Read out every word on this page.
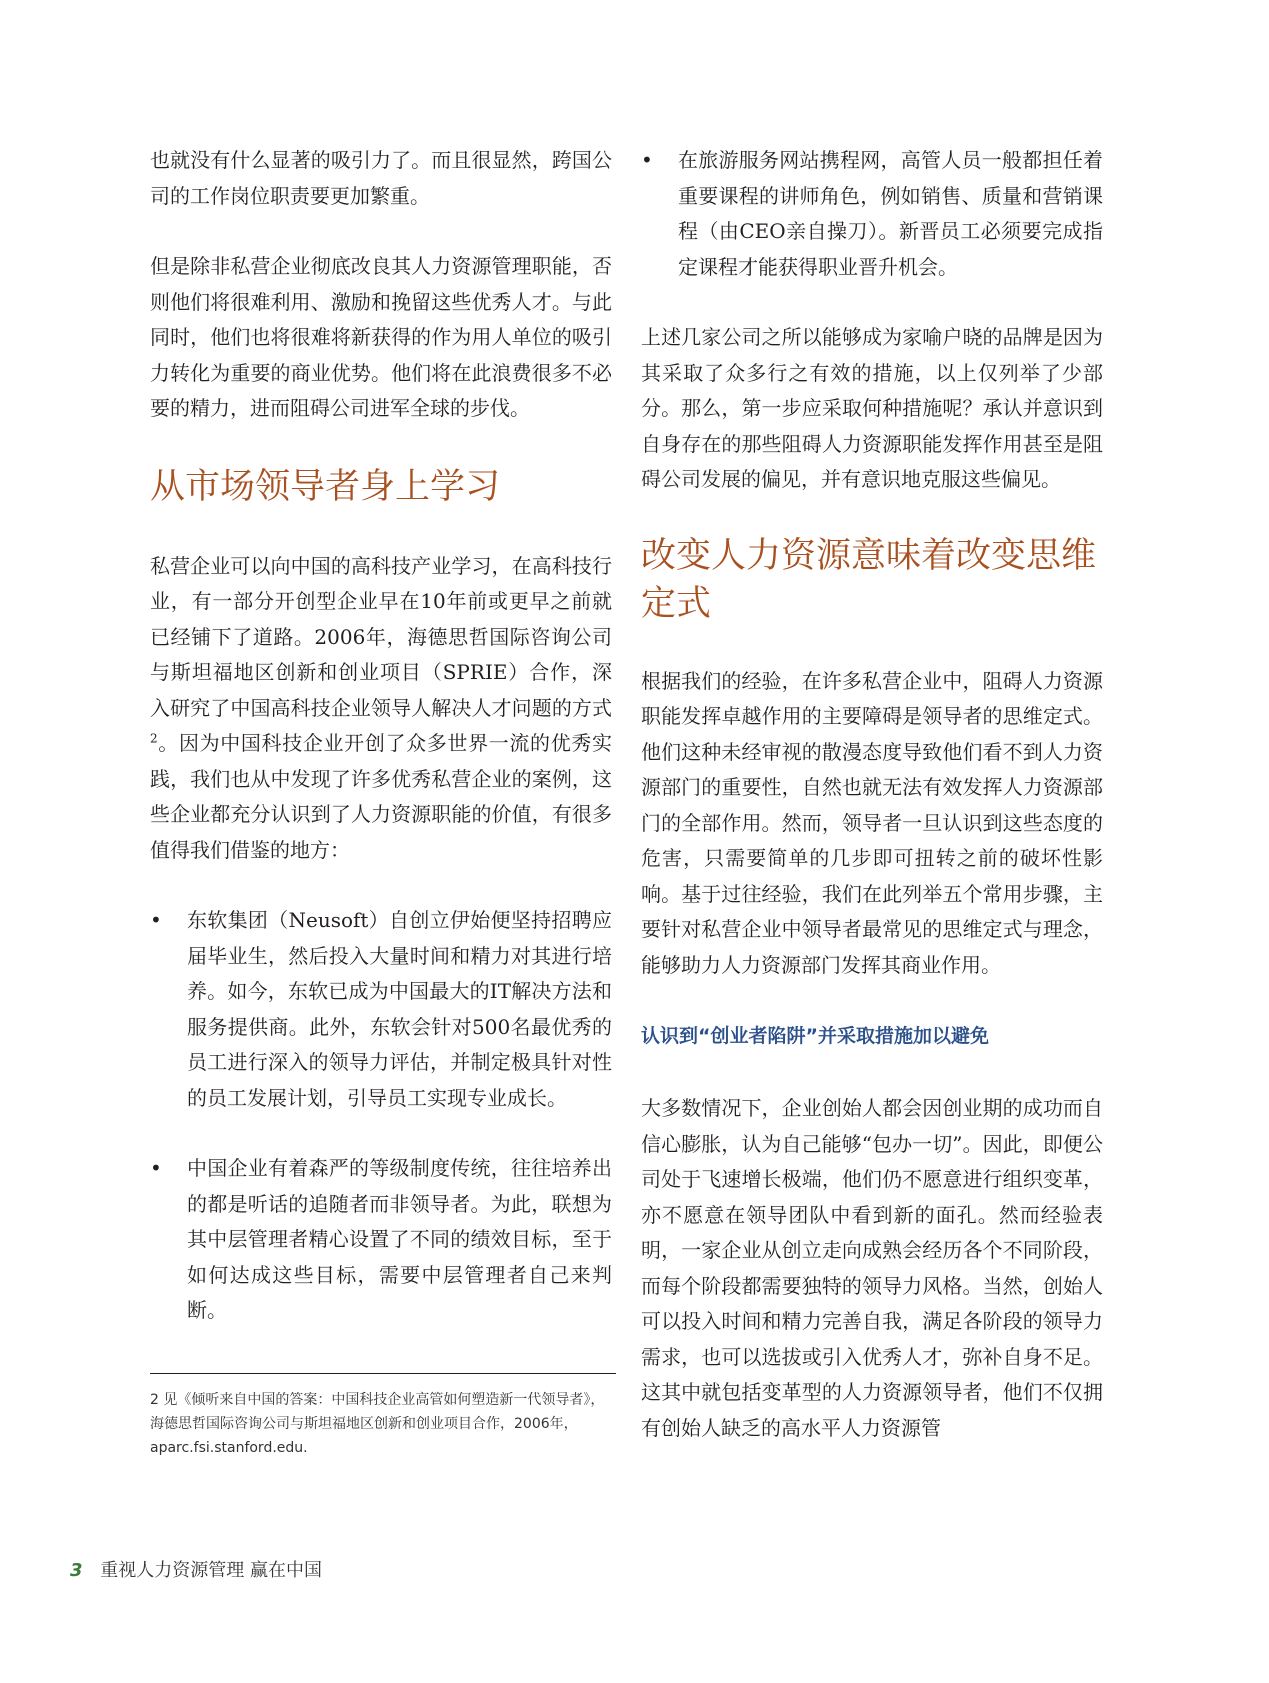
也就没有什么显著的吸引力了。而且很显然，跨国公司的工作岗位职责要更加繁重。

但是除非私营企业彻底改良其人力资源管理职能，否则他们将很难利用、激励和挽留这些优秀人才。与此同时，他们也将很难将新获得的作为用人单位的吸引力转化为重要的商业优势。他们将在此浪费很多不必要的精力，进而阻碍公司进军全球的步伐。

从市场领导者身上学习

私营企业可以向中国的高科技产业学习，在高科技行业，有一部分开创型企业早在10年前或更早之前就已经铺下了道路。2006年，海德思哲国际咨询公司与斯坦福地区创新和创业项目（SPRIE）合作，深入研究了中国高科技企业领导人解决人才问题的方式$^2$。因为中国科技企业开创了众多世界一流的优秀实践，我们也从中发现了许多优秀私营企业的案例，这些企业都充分认识到了人力资源职能的价值，有很多值得我们借鉴的地方：

•	东软集团（Neusoft）自创立伊始便坚持招聘应届毕业生，然后投入大量时间和精力对其进行培养。如今，东软已成为中国最大的IT解决方法和服务提供商。此外，东软会针对500名最优秀的员工进行深入的领导力评估，并制定极具针对性的员工发展计划，引导员工实现专业成长。

•	中国企业有着森严的等级制度传统，往往培养出的都是听话的追随者而非领导者。为此，联想为其中层管理者精心设置了不同的绩效目标，至于如何达成这些目标，需要中层管理者自己来判断。

2 见《倾听来自中国的答案：中国科技企业高管如何塑造新一代领导者》，海德思哲国际咨询公司与斯坦福地区创新和创业项目合作，2006年，aparc.fsi.stanford.edu.
•	在旅游服务网站携程网，高管人员一般都担任着重要课程的讲师角色，例如销售、质量和营销课程（由CEO亲自操刀）。新晋员工必须要完成指定课程才能获得职业晋升机会。

上述几家公司之所以能够成为家喻户晓的品牌是因为其采取了众多行之有效的措施，以上仅列举了少部分。那么，第一步应采取何种措施呢？承认并意识到自身存在的那些阻碍人力资源职能发挥作用甚至是阻碍公司发展的偏见，并有意识地克服这些偏见。

改变人力资源意味着改变思维定式

根据我们的经验，在许多私营企业中，阻碍人力资源职能发挥卓越作用的主要障碍是领导者的思维定式。他们这种未经审视的散漫态度导致他们看不到人力资源部门的重要性，自然也就无法有效发挥人力资源部门的全部作用。然而，领导者一旦认识到这些态度的危害，只需要简单的几步即可扭转之前的破坏性影响。基于过往经验，我们在此列举五个常用步骤，主要针对私营企业中领导者最常见的思维定式与理念，能够助力人力资源部门发挥其商业作用。

认识到“创业者陷阱”并采取措施加以避免

大多数情况下，企业创始人都会因创业期的成功而自信心膨胀，认为自己能够“包办一切”。因此，即便公司处于飞速增长极端，他们仍不愿意进行组织变革，亦不愿意在领导团队中看到新的面孔。然而经验表明，一家企业从创立走向成熟会经历各个不同阶段，而每个阶段都需要独特的领导力风格。当然，创始人可以投入时间和精力完善自我，满足各阶段的领导力需求，也可以选拔或引入优秀人才，弥补自身不足。这其中就包括变革型的人力资源领导者，他们不仅拥有创始人缺乏的高水平人力资源管

3 重视人力资源管理 赢在中国
